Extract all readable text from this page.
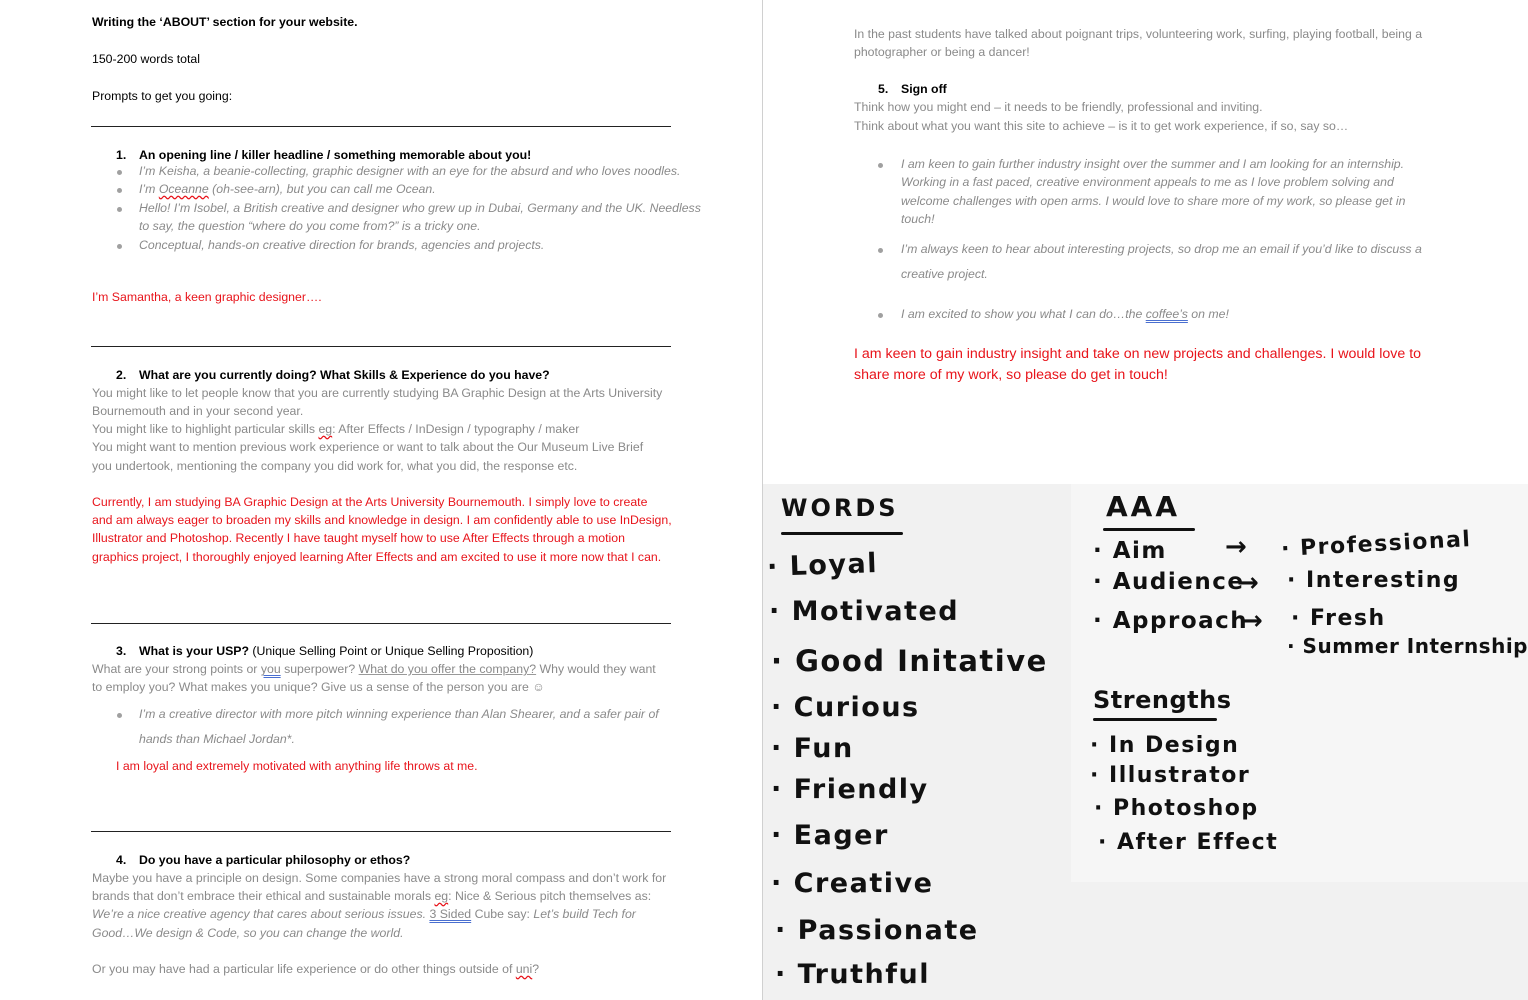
Writing the ‘ABOUT’ section for your website.
150-200 words total
Prompts to get you going:
1. An opening line / killer headline / something memorable about you!
I’m Keisha, a beanie-collecting, graphic designer with an eye for the absurd and who loves noodles.
I’m Oceanne (oh-see-arn), but you can call me Ocean.
Hello! I’m Isobel, a British creative and designer who grew up in Dubai, Germany and the UK. Needless
to say, the question “where do you come from?” is a tricky one.
Conceptual, hands-on creative direction for brands, agencies and projects.
I’m Samantha, a keen graphic designer….
2. What are you currently doing? What Skills & Experience do you have?
You might like to let people know that you are currently studying BA Graphic Design at the Arts University
Bournemouth and in your second year.
You might like to highlight particular skills eg: After Effects / InDesign / typography / maker
You might want to mention previous work experience or want to talk about the Our Museum Live Brief
you undertook, mentioning the company you did work for, what you did, the response etc.
Currently, I am studying BA Graphic Design at the Arts University Bournemouth. I simply love to create
and am always eager to broaden my skills and knowledge in design. I am confidently able to use InDesign,
Illustrator and Photoshop. Recently I have taught myself how to use After Effects through a motion
graphics project, I thoroughly enjoyed learning After Effects and am excited to use it more now that I can.
3. What is your USP? (Unique Selling Point or Unique Selling Proposition)
What are your strong points or you superpower? What do you offer the company? Why would they want
to employ you? What makes you unique? Give us a sense of the person you are ☺
I’m a creative director with more pitch winning experience than Alan Shearer, and a safer pair of
hands than Michael Jordan*.
I am loyal and extremely motivated with anything life throws at me.
4. Do you have a particular philosophy or ethos?
Maybe you have a principle on design. Some companies have a strong moral compass and don’t work for
brands that don’t embrace their ethical and sustainable morals eg: Nice & Serious pitch themselves as:
We’re a nice creative agency that cares about serious issues. 3 Sided Cube say: Let’s build Tech for
Good…We design & Code, so you can change the world.
Or you may have had a particular life experience or do other things outside of uni?
In the past students have talked about poignant trips, volunteering work, surfing, playing football, being a
photographer or being a dancer!
5. Sign off
Think how you might end – it needs to be friendly, professional and inviting.
Think about what you want this site to achieve – is it to get work experience, if so, say so…
I am keen to gain further industry insight over the summer and I am looking for an internship.
Working in a fast paced, creative environment appeals to me as I love problem solving and
welcome challenges with open arms. I would love to share more of my work, so please get in
touch!
I’m always keen to hear about interesting projects, so drop me an email if you’d like to discuss a
creative project.
I am excited to show you what I can do…the coffee’s on me!
I am keen to gain industry insight and take on new projects and challenges. I would love to
share more of my work, so please do get in touch!
WORDS
· Loyal
· Motivated
· Good Initative
· Curious
· Fun
· Friendly
· Eager
· Creative
· Passionate
· Truthful
AAA
· Aim
· Audience
· Approach
→
→
→
· Professional
· Interesting
· Fresh
· Summer Internship
Strengths
· In Design
· Illustrator
· Photoshop
· After Effect
